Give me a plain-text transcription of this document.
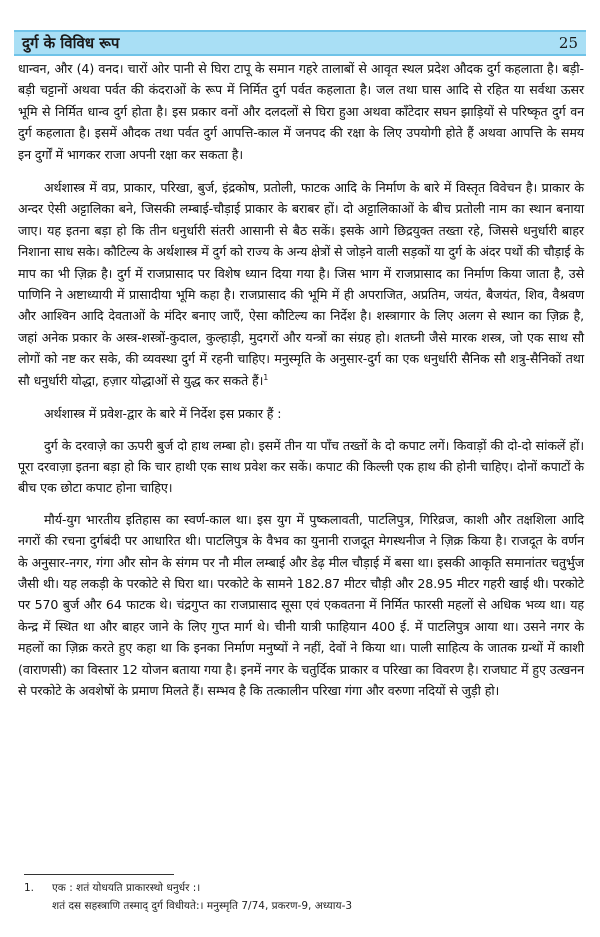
दुर्ग के विविध रूप	25

धान्वन, और (4) वनद। चारों ओर पानी से घिरा टापू के समान गहरे तालाबों से आवृत स्थल प्रदेश औदक दुर्ग कहलाता है। बड़ी-बड़ी चट्टानों अथवा पर्वत की कंदराओं के रूप में निर्मित दुर्ग पर्वत कहलाता है। जल तथा घास आदि से रहित या सर्वथा ऊसर भूमि से निर्मित धान्व दुर्ग होता है। इस प्रकार वनों और दलदलों से घिरा हुआ अथवा काँटेदार सघन झाड़ियों से परिष्कृत दुर्ग वन दुर्ग कहलाता है। इसमें औदक तथा पर्वत दुर्ग आपत्ति-काल में जनपद की रक्षा के लिए उपयोगी होते हैं अथवा आपत्ति के समय इन दुर्गों में भागकर राजा अपनी रक्षा कर सकता है।

अर्थशास्त्र में वप्र, प्राकार, परिखा, बुर्ज, इंद्रकोष, प्रतोली, फाटक आदि के निर्माण के बारे में विस्तृत विवेचन है। प्राकार के अन्दर ऐसी अट्टालिका बने, जिसकी लम्बाई-चौड़ाई प्राकार के बराबर हों। दो अट्टालिकाओं के बीच प्रतोली नाम का स्थान बनाया जाए। यह इतना बड़ा हो कि तीन धनुर्धारी संतरी आसानी से बैठ सकें। इसके आगे छिद्रयुक्त तख्ता रहे, जिससे धनुर्धारी बाहर निशाना साध सके। कौटिल्य के अर्थशास्त्र में दुर्ग को राज्य के अन्य क्षेत्रों से जोड़ने वाली सड़कों या दुर्ग के अंदर पथों की चौड़ाई के माप का भी ज़िक्र है। दुर्ग में राजप्रासाद पर विशेष ध्यान दिया गया है। जिस भाग में राजप्रासाद का निर्माण किया जाता है, उसे पाणिनि ने अष्टाध्यायी में प्रासादीया भूमि कहा है। राजप्रासाद की भूमि में ही अपराजित, अप्रतिम, जयंत, बैजयंत, शिव, वैश्रवण और आश्विन आदि देवताओं के मंदिर बनाए जाएँ, ऐसा कौटिल्य का निर्देश है। शस्त्रागार के लिए अलग से स्थान का ज़िक्र है, जहां अनेक प्रकार के अस्त्र-शस्त्रों-कुदाल, कुल्हाड़ी, मुदगरों और यन्त्रों का संग्रह हो। शतघ्नी जैसे मारक शस्त्र, जो एक साथ सौ लोगों को नष्ट कर सके, की व्यवस्था दुर्ग में रहनी चाहिए। मनुस्मृति के अनुसार-दुर्ग का एक धनुर्धारी सैनिक सौ शत्रु-सैनिकों तथा सौ धनुर्धारी योद्धा, हज़ार योद्धाओं से युद्ध कर सकते हैं।$^1$

अर्थशास्त्र में प्रवेश-द्वार के बारे में निर्देश इस प्रकार हैं :

दुर्ग के दरवाज़े का ऊपरी बुर्ज दो हाथ लम्बा हो। इसमें तीन या पाँच तख्तों के दो कपाट लगें। किवाड़ों की दो-दो सांकलें हों। पूरा दरवाज़ा इतना बड़ा हो कि चार हाथी एक साथ प्रवेश कर सकें। कपाट की किल्ली एक हाथ की होनी चाहिए। दोनों कपाटों के बीच एक छोटा कपाट होना चाहिए।

मौर्य-युग भारतीय इतिहास का स्वर्ण-काल था। इस युग में पुष्कलावती, पाटलिपुत्र, गिरिव्रज, काशी और तक्षशिला आदि नगरों की रचना दुर्गबंदी पर आधारित थी। पाटलिपुत्र के वैभव का युनानी राजदूत मेगस्थनीज ने ज़िक्र किया है। राजदूत के वर्णन के अनुसार-नगर, गंगा और सोन के संगम पर नौ मील लम्बाई और डेढ़ मील चौड़ाई में बसा था। इसकी आकृति समानांतर चतुर्भुज जैसी थी। यह लकड़ी के परकोटे से घिरा था। परकोटे के सामने 182.87 मीटर चौड़ी और 28.95 मीटर गहरी खाई थी। परकोटे पर 570 बुर्ज और 64 फाटक थे। चंद्रगुप्त का राजप्रासाद सूसा एवं एकवतना में निर्मित फारसी महलों से अधिक भव्य था। यह केन्द्र में स्थित था और बाहर जाने के लिए गुप्त मार्ग थे। चीनी यात्री फाहियान 400 ई. में पाटलिपुत्र आया था। उसने नगर के महलों का ज़िक्र करते हुए कहा था कि इनका निर्माण मनुष्यों ने नहीं, देवों ने किया था। पाली साहित्य के जातक ग्रन्थों में काशी (वाराणसी) का विस्तार 12 योजन बताया गया है। इनमें नगर के चतुर्दिक प्राकार व परिखा का विवरण है। राजघाट में हुए उत्खनन से परकोटे के अवशेषों के प्रमाण मिलते हैं। सम्भव है कि तत्कालीन परिखा गंगा और वरुणा नदियों से जुड़ी हो।

1. एक : शतं योधयति प्राकारस्थो धनुर्धर :।
शतं दस सहस्त्राणि तस्माद् दुर्ग विधीयते:। मनुस्मृति 7/74, प्रकरण-9, अध्याय-3
